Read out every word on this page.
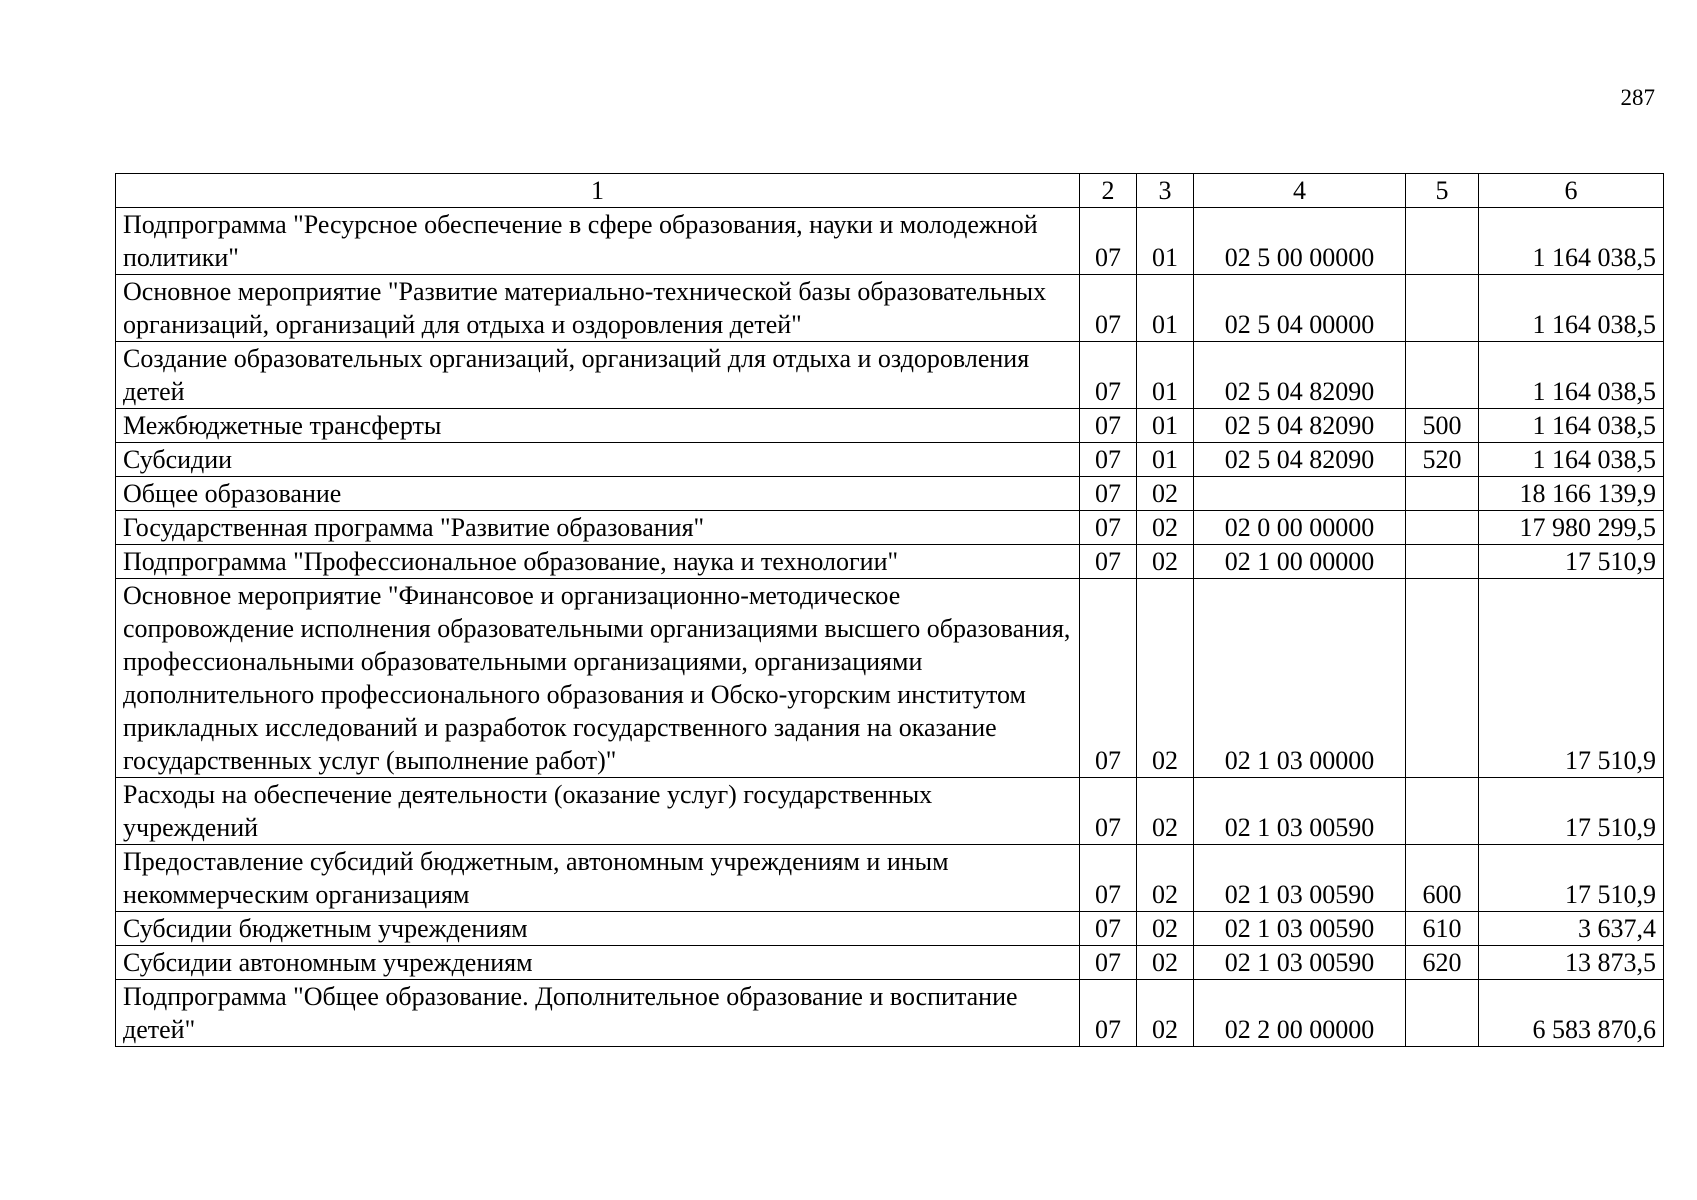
287
1	2	3	4	5	6
Подпрограмма "Ресурсное обеспечение в сфере образования, науки и молодежной политики"	07	01	02 5 00 00000		1 164 038,5
Основное мероприятие "Развитие материально-технической базы образовательных организаций, организаций для отдыха и оздоровления детей"	07	01	02 5 04 00000		1 164 038,5
Создание образовательных организаций, организаций для отдыха и оздоровления детей	07	01	02 5 04 82090		1 164 038,5
Межбюджетные трансферты	07	01	02 5 04 82090	500	1 164 038,5
Субсидии	07	01	02 5 04 82090	520	1 164 038,5
Общее образование	07	02			18 166 139,9
Государственная программа "Развитие образования"	07	02	02 0 00 00000		17 980 299,5
Подпрограмма "Профессиональное образование, наука и технологии"	07	02	02 1 00 00000		17 510,9
Основное мероприятие "Финансовое и организационно-методическое сопровождение исполнения образовательными организациями высшего образования, профессиональными образовательными организациями, организациями дополнительного профессионального образования и Обско-угорским институтом прикладных исследований и разработок государственного задания на оказание государственных услуг (выполнение работ)"	07	02	02 1 03 00000		17 510,9
Расходы на обеспечение деятельности (оказание услуг) государственных учреждений	07	02	02 1 03 00590		17 510,9
Предоставление субсидий бюджетным, автономным учреждениям и иным некоммерческим организациям	07	02	02 1 03 00590	600	17 510,9
Субсидии бюджетным учреждениям	07	02	02 1 03 00590	610	3 637,4
Субсидии автономным учреждениям	07	02	02 1 03 00590	620	13 873,5
Подпрограмма "Общее образование. Дополнительное образование и воспитание детей"	07	02	02 2 00 00000		6 583 870,6
